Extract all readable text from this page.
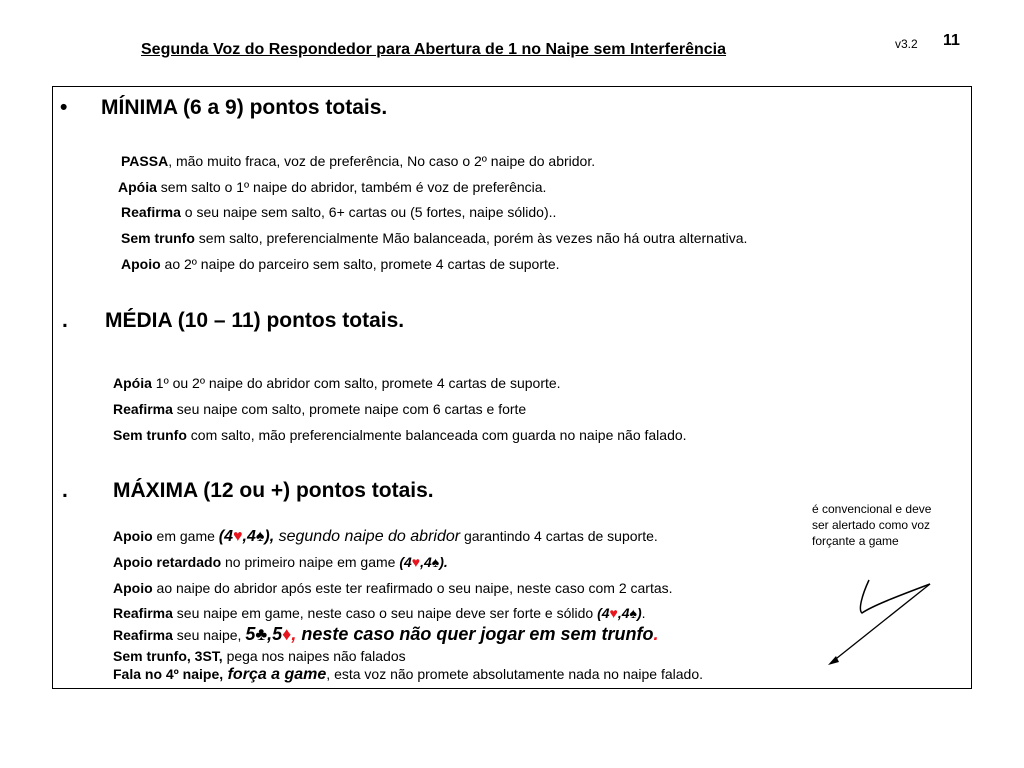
Segunda Voz do Respondedor para Abertura de 1 no Naipe sem Interferência	v3.2 11
• MÍNIMA (6 a 9) pontos totais.
PASSA, mão muito fraca, voz de preferência, No caso o 2º naipe do abridor.
Apóia sem salto o 1º naipe do abridor, também é voz de preferência.
Reafirma o seu naipe sem salto, 6+ cartas ou (5 fortes, naipe sólido)..
Sem trunfo sem salto, preferencialmente Mão balanceada, porém às vezes não há outra alternativa.
Apoio ao 2º naipe do parceiro sem salto, promete 4 cartas de suporte.
. MÉDIA (10 – 11) pontos totais.
Apóia 1º ou 2º naipe do abridor com salto, promete 4 cartas de suporte.
Reafirma seu naipe com salto, promete naipe com 6 cartas e forte
Sem trunfo com salto, mão preferencialmente balanceada com guarda no naipe não falado.
. MÁXIMA (12 ou +) pontos totais.
Apoio em game (4♥,4♠), segundo naipe do abridor garantindo 4 cartas de suporte.
Apoio retardado no primeiro naipe em game (4♥,4♠).
Apoio ao naipe do abridor após este ter reafirmado o seu naipe, neste caso com 2 cartas.
Reafirma seu naipe em game, neste caso o seu naipe deve ser forte e sólido (4♥,4♠).
Reafirma seu naipe, 5♣,5♦, neste caso não quer jogar em sem trunfo.
Sem trunfo, 3ST, pega nos naipes não falados
Fala no 4º naipe, força a game, esta voz não promete absolutamente nada no naipe falado.
é convencional e deve
ser alertado como voz
forçante a game
